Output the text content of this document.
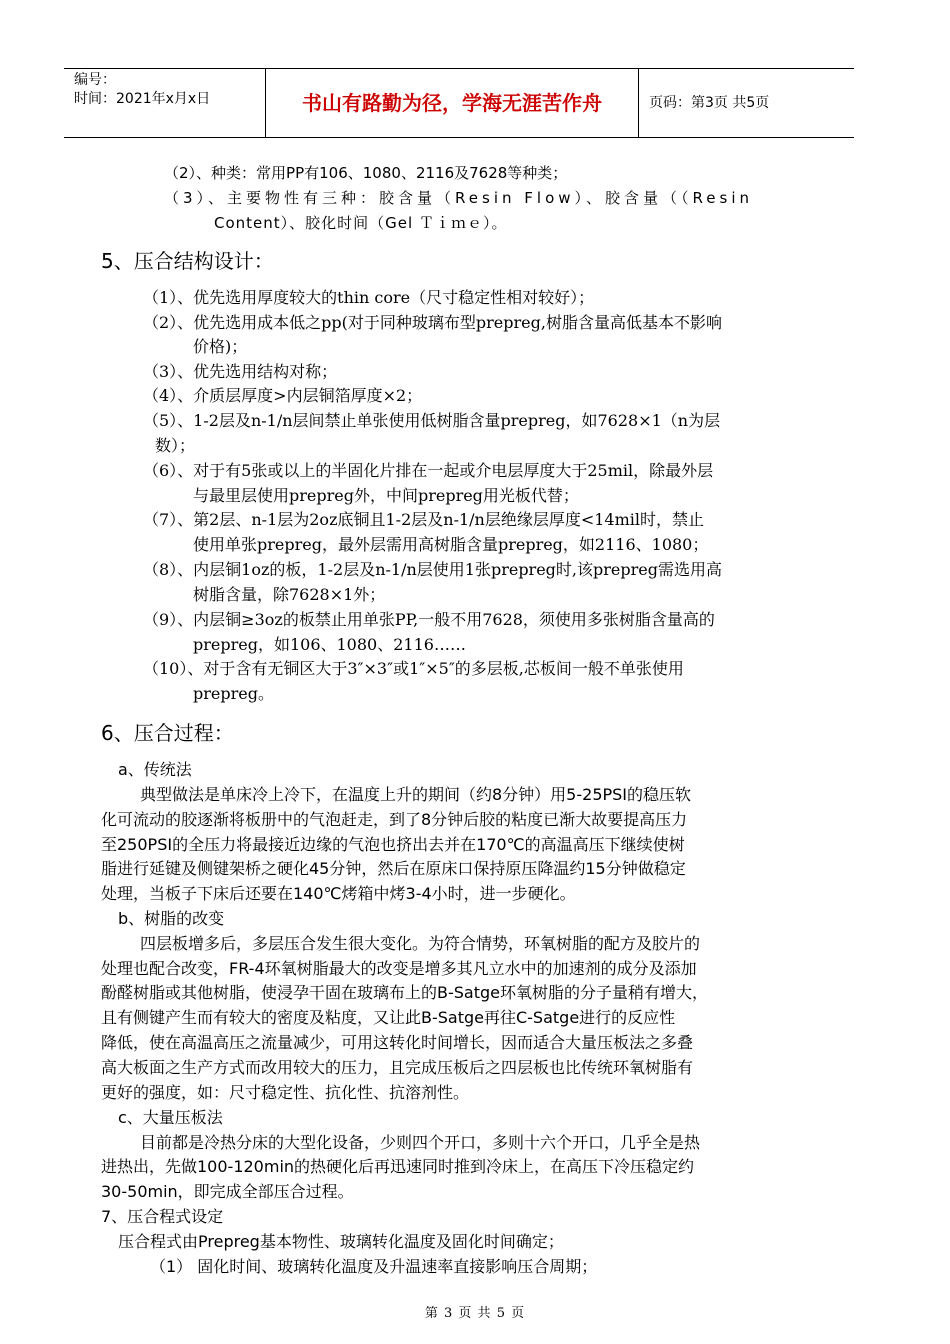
编号：
时间：2021年x月x日	书山有路勤为径，学海无涯苦作舟	页码：第3页 共5页
（2）、种类：常用PP有106、1080、2116及7628等种类；
（3）、主要物性有三种：胶含量（Resin Flow）、胶含量（（Resin
Content）、胶化时间（Gel Ｔｉｍｅ）。
5、压合结构设计：
（1）、优先选用厚度较大的thin core（尺寸稳定性相对较好）；
（2）、优先选用成本低之pp(对于同种玻璃布型prepreg,树脂含量高低基本不影响
价格)；
（3）、优先选用结构对称；
（4）、介质层厚度>内层铜箔厚度×2；
（5）、1-2层及n-1/n层间禁止单张使用低树脂含量prepreg，如7628×1（n为层
数）；
（6）、对于有5张或以上的半固化片排在一起或介电层厚度大于25mil，除最外层
与最里层使用prepreg外，中间prepreg用光板代替；
（7）、第2层、n-1层为2oz底铜且1-2层及n-1/n层绝缘层厚度<14mil时，禁止
使用单张prepreg，最外层需用高树脂含量prepreg，如2116、1080；
（8）、内层铜1oz的板，1-2层及n-1/n层使用1张prepreg时,该prepreg需选用高
树脂含量，除7628×1外；
（9）、内层铜≥3oz的板禁止用单张PP,一般不用7628，须使用多张树脂含量高的
prepreg，如106、1080、2116……
（10）、对于含有无铜区大于3″×3″或1″×5″的多层板,芯板间一般不单张使用
prepreg。
6、压合过程：
a、传统法
典型做法是单床冷上冷下，在温度上升的期间（约8分钟）用5-25PSI的稳压软
化可流动的胶逐渐将板册中的气泡赶走，到了8分钟后胶的粘度已渐大故要提高压力
至250PSI的全压力将最接近边缘的气泡也挤出去并在170℃的高温高压下继续使树
脂进行延键及侧键架桥之硬化45分钟，然后在原床口保持原压降温约15分钟做稳定
处理，当板子下床后还要在140℃烤箱中烤3-4小时，进一步硬化。
b、树脂的改变
四层板增多后，多层压合发生很大变化。为符合情势，环氧树脂的配方及胶片的
处理也配合改变，FR-4环氧树脂最大的改变是增多其凡立水中的加速剂的成分及添加
酚醛树脂或其他树脂，使浸孕干固在玻璃布上的B-Satge环氧树脂的分子量稍有增大，
且有侧键产生而有较大的密度及粘度，又让此B-Satge再往C-Satge进行的反应性
降低，使在高温高压之流量减少，可用这转化时间增长，因而适合大量压板法之多叠
高大板面之生产方式而改用较大的压力，且完成压板后之四层板也比传统环氧树脂有
更好的强度，如：尺寸稳定性、抗化性、抗溶剂性。
c、大量压板法
目前都是冷热分床的大型化设备，少则四个开口，多则十六个开口，几乎全是热
进热出，先做100-120min的热硬化后再迅速同时推到冷床上，在高压下冷压稳定约
30-50min，即完成全部压合过程。
7、压合程式设定
压合程式由Prepreg基本物性、玻璃转化温度及固化时间确定；
（1） 固化时间、玻璃转化温度及升温速率直接影响压合周期；
第 3 页 共 5 页
